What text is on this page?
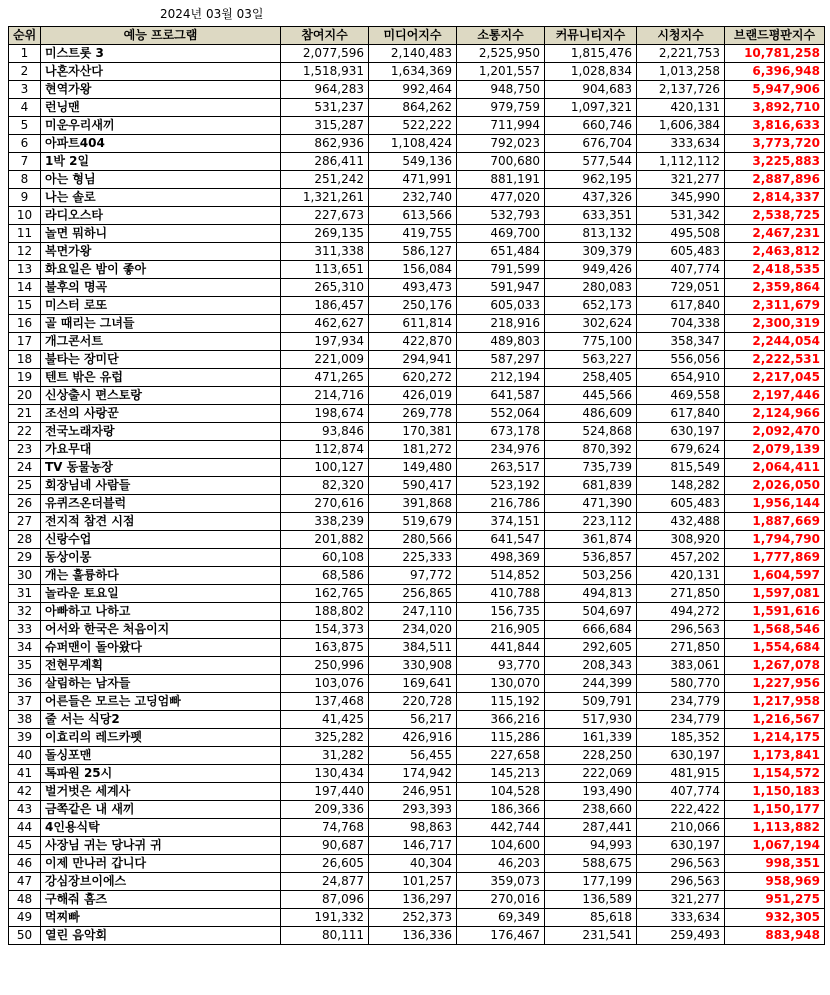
2024년 03월 03일
순위	예능 프로그램	참여지수	미디어지수	소통지수	커뮤니티지수	시청지수	브랜드평판지수
1	미스트롯 3	2,077,596	2,140,483	2,525,950	1,815,476	2,221,753	10,781,258
2	나혼자산다	1,518,931	1,634,369	1,201,557	1,028,834	1,013,258	6,396,948
3	현역가왕	964,283	992,464	948,750	904,683	2,137,726	5,947,906
4	런닝맨	531,237	864,262	979,759	1,097,321	420,131	3,892,710
5	미운우리새끼	315,287	522,222	711,994	660,746	1,606,384	3,816,633
6	아파트404	862,936	1,108,424	792,023	676,704	333,634	3,773,720
7	1박 2일	286,411	549,136	700,680	577,544	1,112,112	3,225,883
8	아는 형님	251,242	471,991	881,191	962,195	321,277	2,887,896
9	나는 솔로	1,321,261	232,740	477,020	437,326	345,990	2,814,337
10	라디오스타	227,673	613,566	532,793	633,351	531,342	2,538,725
11	놀면 뭐하니	269,135	419,755	469,700	813,132	495,508	2,467,231
12	복면가왕	311,338	586,127	651,484	309,379	605,483	2,463,812
13	화요일은 밤이 좋아	113,651	156,084	791,599	949,426	407,774	2,418,535
14	불후의 명곡	265,310	493,473	591,947	280,083	729,051	2,359,864
15	미스터 로또	186,457	250,176	605,033	652,173	617,840	2,311,679
16	골 때리는 그녀들	462,627	611,814	218,916	302,624	704,338	2,300,319
17	개그콘서트	197,934	422,870	489,803	775,100	358,347	2,244,054
18	불타는 장미단	221,009	294,941	587,297	563,227	556,056	2,222,531
19	텐트 밖은 유럽	471,265	620,272	212,194	258,405	654,910	2,217,045
20	신상출시 편스토랑	214,716	426,019	641,587	445,566	469,558	2,197,446
21	조선의 사랑꾼	198,674	269,778	552,064	486,609	617,840	2,124,966
22	전국노래자랑	93,846	170,381	673,178	524,868	630,197	2,092,470
23	가요무대	112,874	181,272	234,976	870,392	679,624	2,079,139
24	TV 동물농장	100,127	149,480	263,517	735,739	815,549	2,064,411
25	회장님네 사람들	82,320	590,417	523,192	681,839	148,282	2,026,050
26	유퀴즈온더블럭	270,616	391,868	216,786	471,390	605,483	1,956,144
27	전지적 참견 시점	338,239	519,679	374,151	223,112	432,488	1,887,669
28	신랑수업	201,882	280,566	641,547	361,874	308,920	1,794,790
29	동상이몽	60,108	225,333	498,369	536,857	457,202	1,777,869
30	개는 훌륭하다	68,586	97,772	514,852	503,256	420,131	1,604,597
31	놀라운 토요일	162,765	256,865	410,788	494,813	271,850	1,597,081
32	아빠하고 나하고	188,802	247,110	156,735	504,697	494,272	1,591,616
33	어서와 한국은 처음이지	154,373	234,020	216,905	666,684	296,563	1,568,546
34	슈퍼맨이 돌아왔다	163,875	384,511	441,844	292,605	271,850	1,554,684
35	전현무계획	250,996	330,908	93,770	208,343	383,061	1,267,078
36	살림하는 남자들	103,076	169,641	130,070	244,399	580,770	1,227,956
37	어른들은 모르는 고딩엄빠	137,468	220,728	115,192	509,791	234,779	1,217,958
38	줄 서는 식당2	41,425	56,217	366,216	517,930	234,779	1,216,567
39	이효리의 레드카펫	325,282	426,916	115,286	161,339	185,352	1,214,175
40	돌싱포맨	31,282	56,455	227,658	228,250	630,197	1,173,841
41	톡파원 25시	130,434	174,942	145,213	222,069	481,915	1,154,572
42	벌거벗은 세계사	197,440	246,951	104,528	193,490	407,774	1,150,183
43	금쪽같은 내 새끼	209,336	293,393	186,366	238,660	222,422	1,150,177
44	4인용식탁	74,768	98,863	442,744	287,441	210,066	1,113,882
45	사장님 귀는 당나귀 귀	90,687	146,717	104,600	94,993	630,197	1,067,194
46	이제 만나러 갑니다	26,605	40,304	46,203	588,675	296,563	998,351
47	강심장브이에스	24,877	101,257	359,073	177,199	296,563	958,969
48	구해줘 홈즈	87,096	136,297	270,016	136,589	321,277	951,275
49	먹찌빠	191,332	252,373	69,349	85,618	333,634	932,305
50	열린 음악회	80,111	136,336	176,467	231,541	259,493	883,948
